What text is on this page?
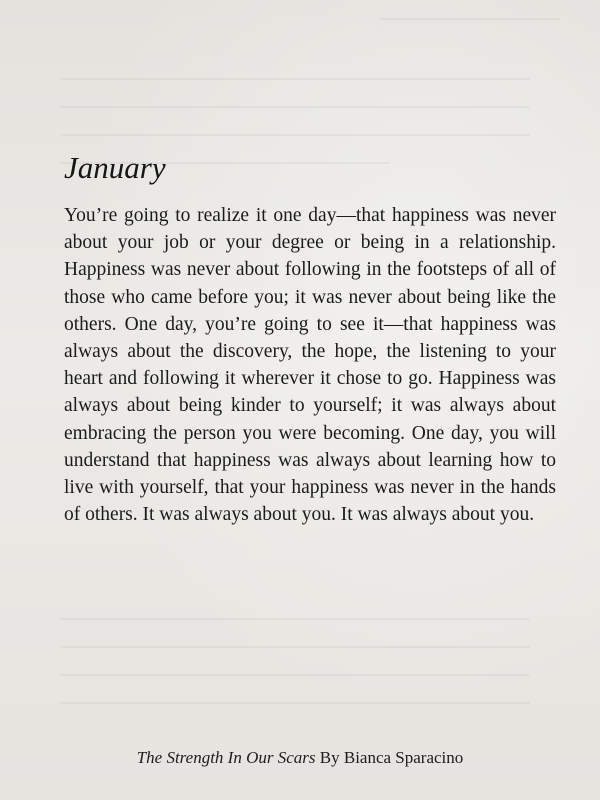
January

You’re going to realize it one day—that happiness was never about your job or your degree or being in a relationship. Happiness was never about following in the footsteps of all of those who came before you; it was never about being like the others. One day, you’re going to see it—that happiness was always about the discovery, the hope, the listening to your heart and following it wherever it chose to go. Happiness was always about being kinder to yourself; it was always about embracing the person you were becoming. One day, you will understand that happiness was always about learning how to live with yourself, that your happiness was never in the hands of others. It was always about you. It was always about you.

The Strength In Our Scars By Bianca Sparacino
